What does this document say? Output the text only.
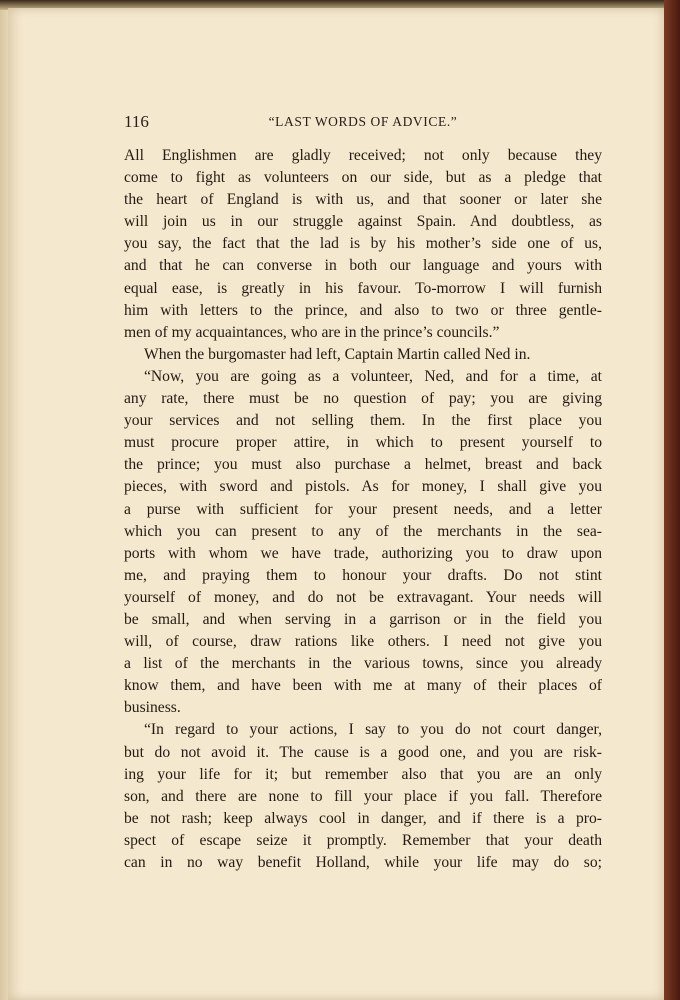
116	“LAST WORDS OF ADVICE.”
All Englishmen are gladly received; not only because they
come to fight as volunteers on our side, but as a pledge that
the heart of England is with us, and that sooner or later she
will join us in our struggle against Spain. And doubtless, as
you say, the fact that the lad is by his mother’s side one of us,
and that he can converse in both our language and yours with
equal ease, is greatly in his favour. To-morrow I will furnish
him with letters to the prince, and also to two or three gentle-
men of my acquaintances, who are in the prince’s councils.”
When the burgomaster had left, Captain Martin called Ned in.
“Now, you are going as a volunteer, Ned, and for a time, at
any rate, there must be no question of pay; you are giving
your services and not selling them. In the first place you
must procure proper attire, in which to present yourself to
the prince; you must also purchase a helmet, breast and back
pieces, with sword and pistols. As for money, I shall give you
a purse with sufficient for your present needs, and a letter
which you can present to any of the merchants in the sea-
ports with whom we have trade, authorizing you to draw upon
me, and praying them to honour your drafts. Do not stint
yourself of money, and do not be extravagant. Your needs will
be small, and when serving in a garrison or in the field you
will, of course, draw rations like others. I need not give you
a list of the merchants in the various towns, since you already
know them, and have been with me at many of their places of
business.
“In regard to your actions, I say to you do not court danger,
but do not avoid it. The cause is a good one, and you are risk-
ing your life for it; but remember also that you are an only
son, and there are none to fill your place if you fall. Therefore
be not rash; keep always cool in danger, and if there is a pro-
spect of escape seize it promptly. Remember that your death
can in no way benefit Holland, while your life may do so;
